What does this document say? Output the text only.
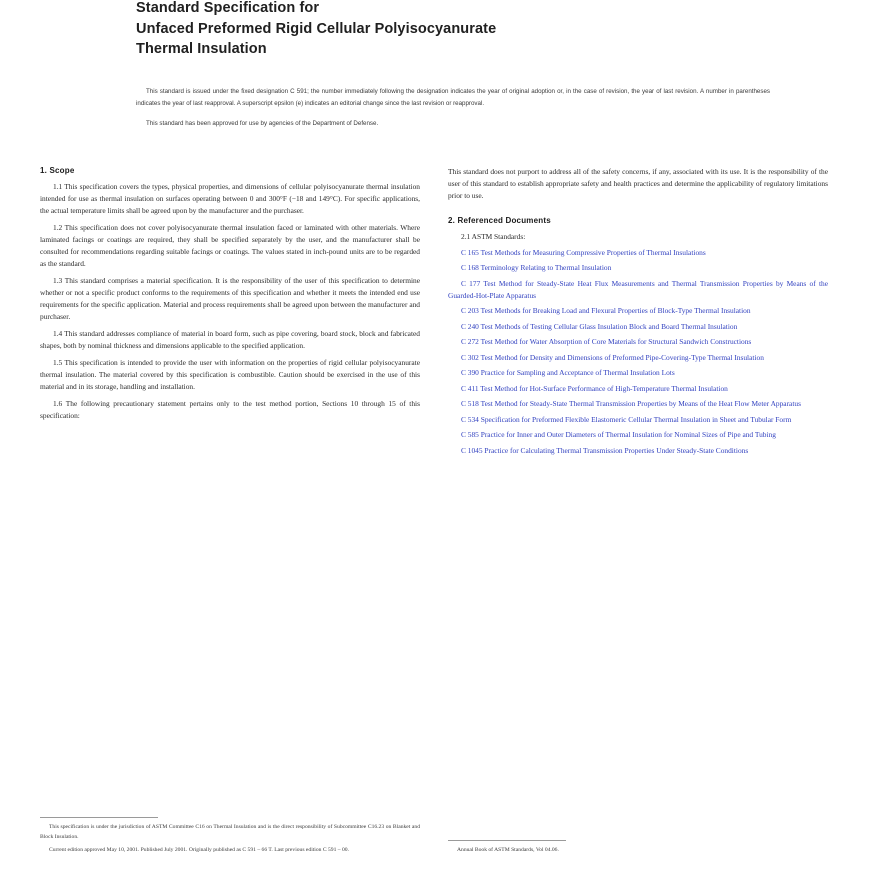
Standard Specification for
Unfaced Preformed Rigid Cellular Polyisocyanurate
Thermal Insulation

This standard is issued under the fixed designation C 591; the number immediately following the designation indicates the year of original adoption or, in the case of revision, the year of last revision. A number in parentheses indicates the year of last reapproval. A superscript epsilon (e) indicates an editorial change since the last revision or reapproval.

This standard has been approved for use by agencies of the Department of Defense.

1. Scope

1.1 This specification covers the types, physical properties, and dimensions of cellular polyisocyanurate thermal insulation intended for use as thermal insulation on surfaces operating between 0 and 300°F (−18 and 149°C). For specific applications, the actual temperature limits shall be agreed upon by the manufacturer and the purchaser.

1.2 This specification does not cover polyisocyanurate thermal insulation faced or laminated with other materials. Where laminated facings or coatings are required, they shall be specified separately by the user, and the manufacturer shall be consulted for recommendations regarding suitable facings or coatings. The values stated in inch-pound units are to be regarded as the standard.

1.3 This standard comprises a material specification. It is the responsibility of the user of this specification to determine whether or not a specific product conforms to the requirements of this specification and whether it meets the intended end use requirements for the specific application. Material and process requirements shall be agreed upon between the manufacturer and purchaser.

1.4 This standard addresses compliance of material in board form, such as pipe covering, board stock, block and fabricated shapes, both by nominal thickness and dimensions applicable to the specified application.

1.5 This specification is intended to provide the user with information on the properties of rigid cellular polyisocyanurate thermal insulation. The material covered by this specification is combustible. Caution should be exercised in the use of this material and in its storage, handling and installation.

1.6 The following precautionary statement pertains only to the test method portion, Sections 10 through 15 of this specification:

This specification is under the jurisdiction of ASTM Committee C16 on Thermal Insulation and is the direct responsibility of Subcommittee C16.23 on Blanket and Block Insulation.

Current edition approved May 10, 2001. Published July 2001. Originally published as C 591 – 66 T. Last previous edition C 591 – 00.

This standard does not purport to address all of the safety concerns, if any, associated with its use. It is the responsibility of the user of this standard to establish appropriate safety and health practices and determine the applicability of regulatory limitations prior to use.

2. Referenced Documents

2.1 ASTM Standards:

C 165 Test Methods for Measuring Compressive Properties of Thermal Insulations
C 168 Terminology Relating to Thermal Insulation
C 177 Test Method for Steady-State Heat Flux Measurements and Thermal Transmission Properties by Means of the Guarded-Hot-Plate Apparatus
C 203 Test Methods for Breaking Load and Flexural Properties of Block-Type Thermal Insulation
C 240 Test Methods of Testing Cellular Glass Insulation Block and Board Thermal Insulation
C 272 Test Method for Water Absorption of Core Materials for Structural Sandwich Constructions
C 302 Test Method for Density and Dimensions of Preformed Pipe-Covering-Type Thermal Insulation
C 390 Practice for Sampling and Acceptance of Thermal Insulation Lots
C 411 Test Method for Hot-Surface Performance of High-Temperature Thermal Insulation
C 518 Test Method for Steady-State Thermal Transmission Properties by Means of the Heat Flow Meter Apparatus
C 534 Specification for Preformed Flexible Elastomeric Cellular Thermal Insulation in Sheet and Tubular Form
C 585 Practice for Inner and Outer Diameters of Thermal Insulation for Nominal Sizes of Pipe and Tubing
C 1045 Practice for Calculating Thermal Transmission Properties Under Steady-State Conditions

Annual Book of ASTM Standards, Vol 04.06.
